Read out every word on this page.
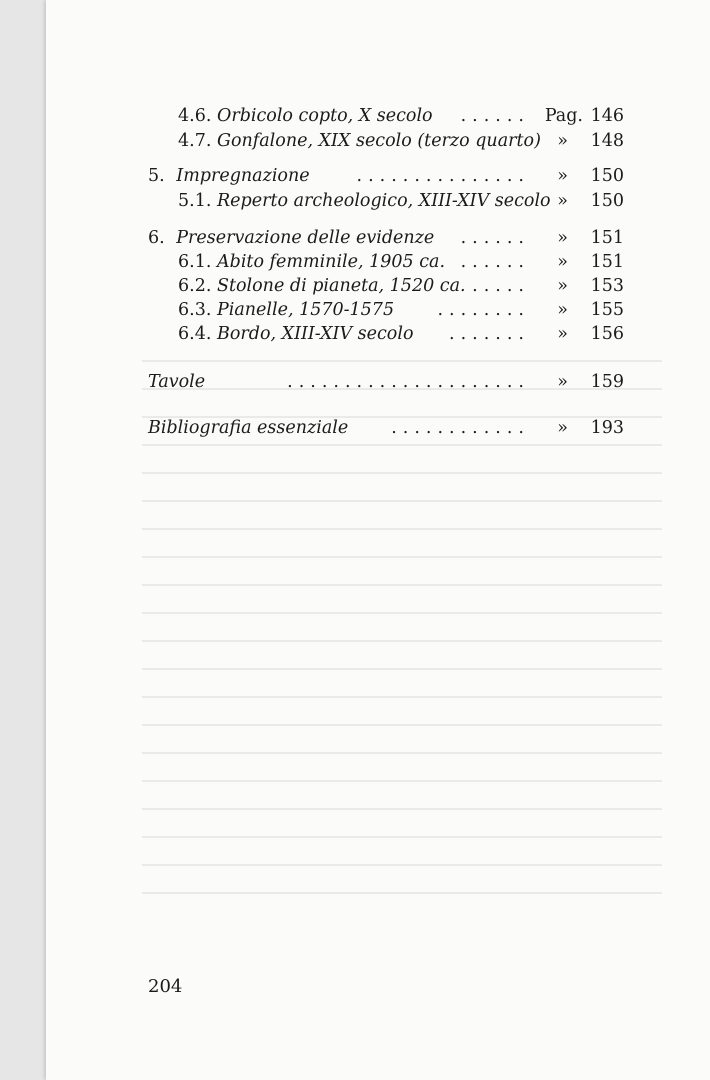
4.6. Orbicolo copto, X secolo	...... Pag. 146
4.7. Gonfalone, XIX secolo (terzo quarto) »	148
5. Impregnazione	...............	»	150
5.1. Reperto archeologico, XIII-XIV secolo »	150
6. Preservazione delle evidenze	......	»	151
6.1. Abito femminile, 1905 ca. ......	»	151
6.2. Stolone di pianeta, 1520 ca. .....	»	153
6.3. Pianelle, 1570-1575	........	»	155
6.4. Bordo, XIII-XIV secolo	.......	»	156
Tavole	.....................	»	159
Bibliografia essenziale	............	»	193
204
